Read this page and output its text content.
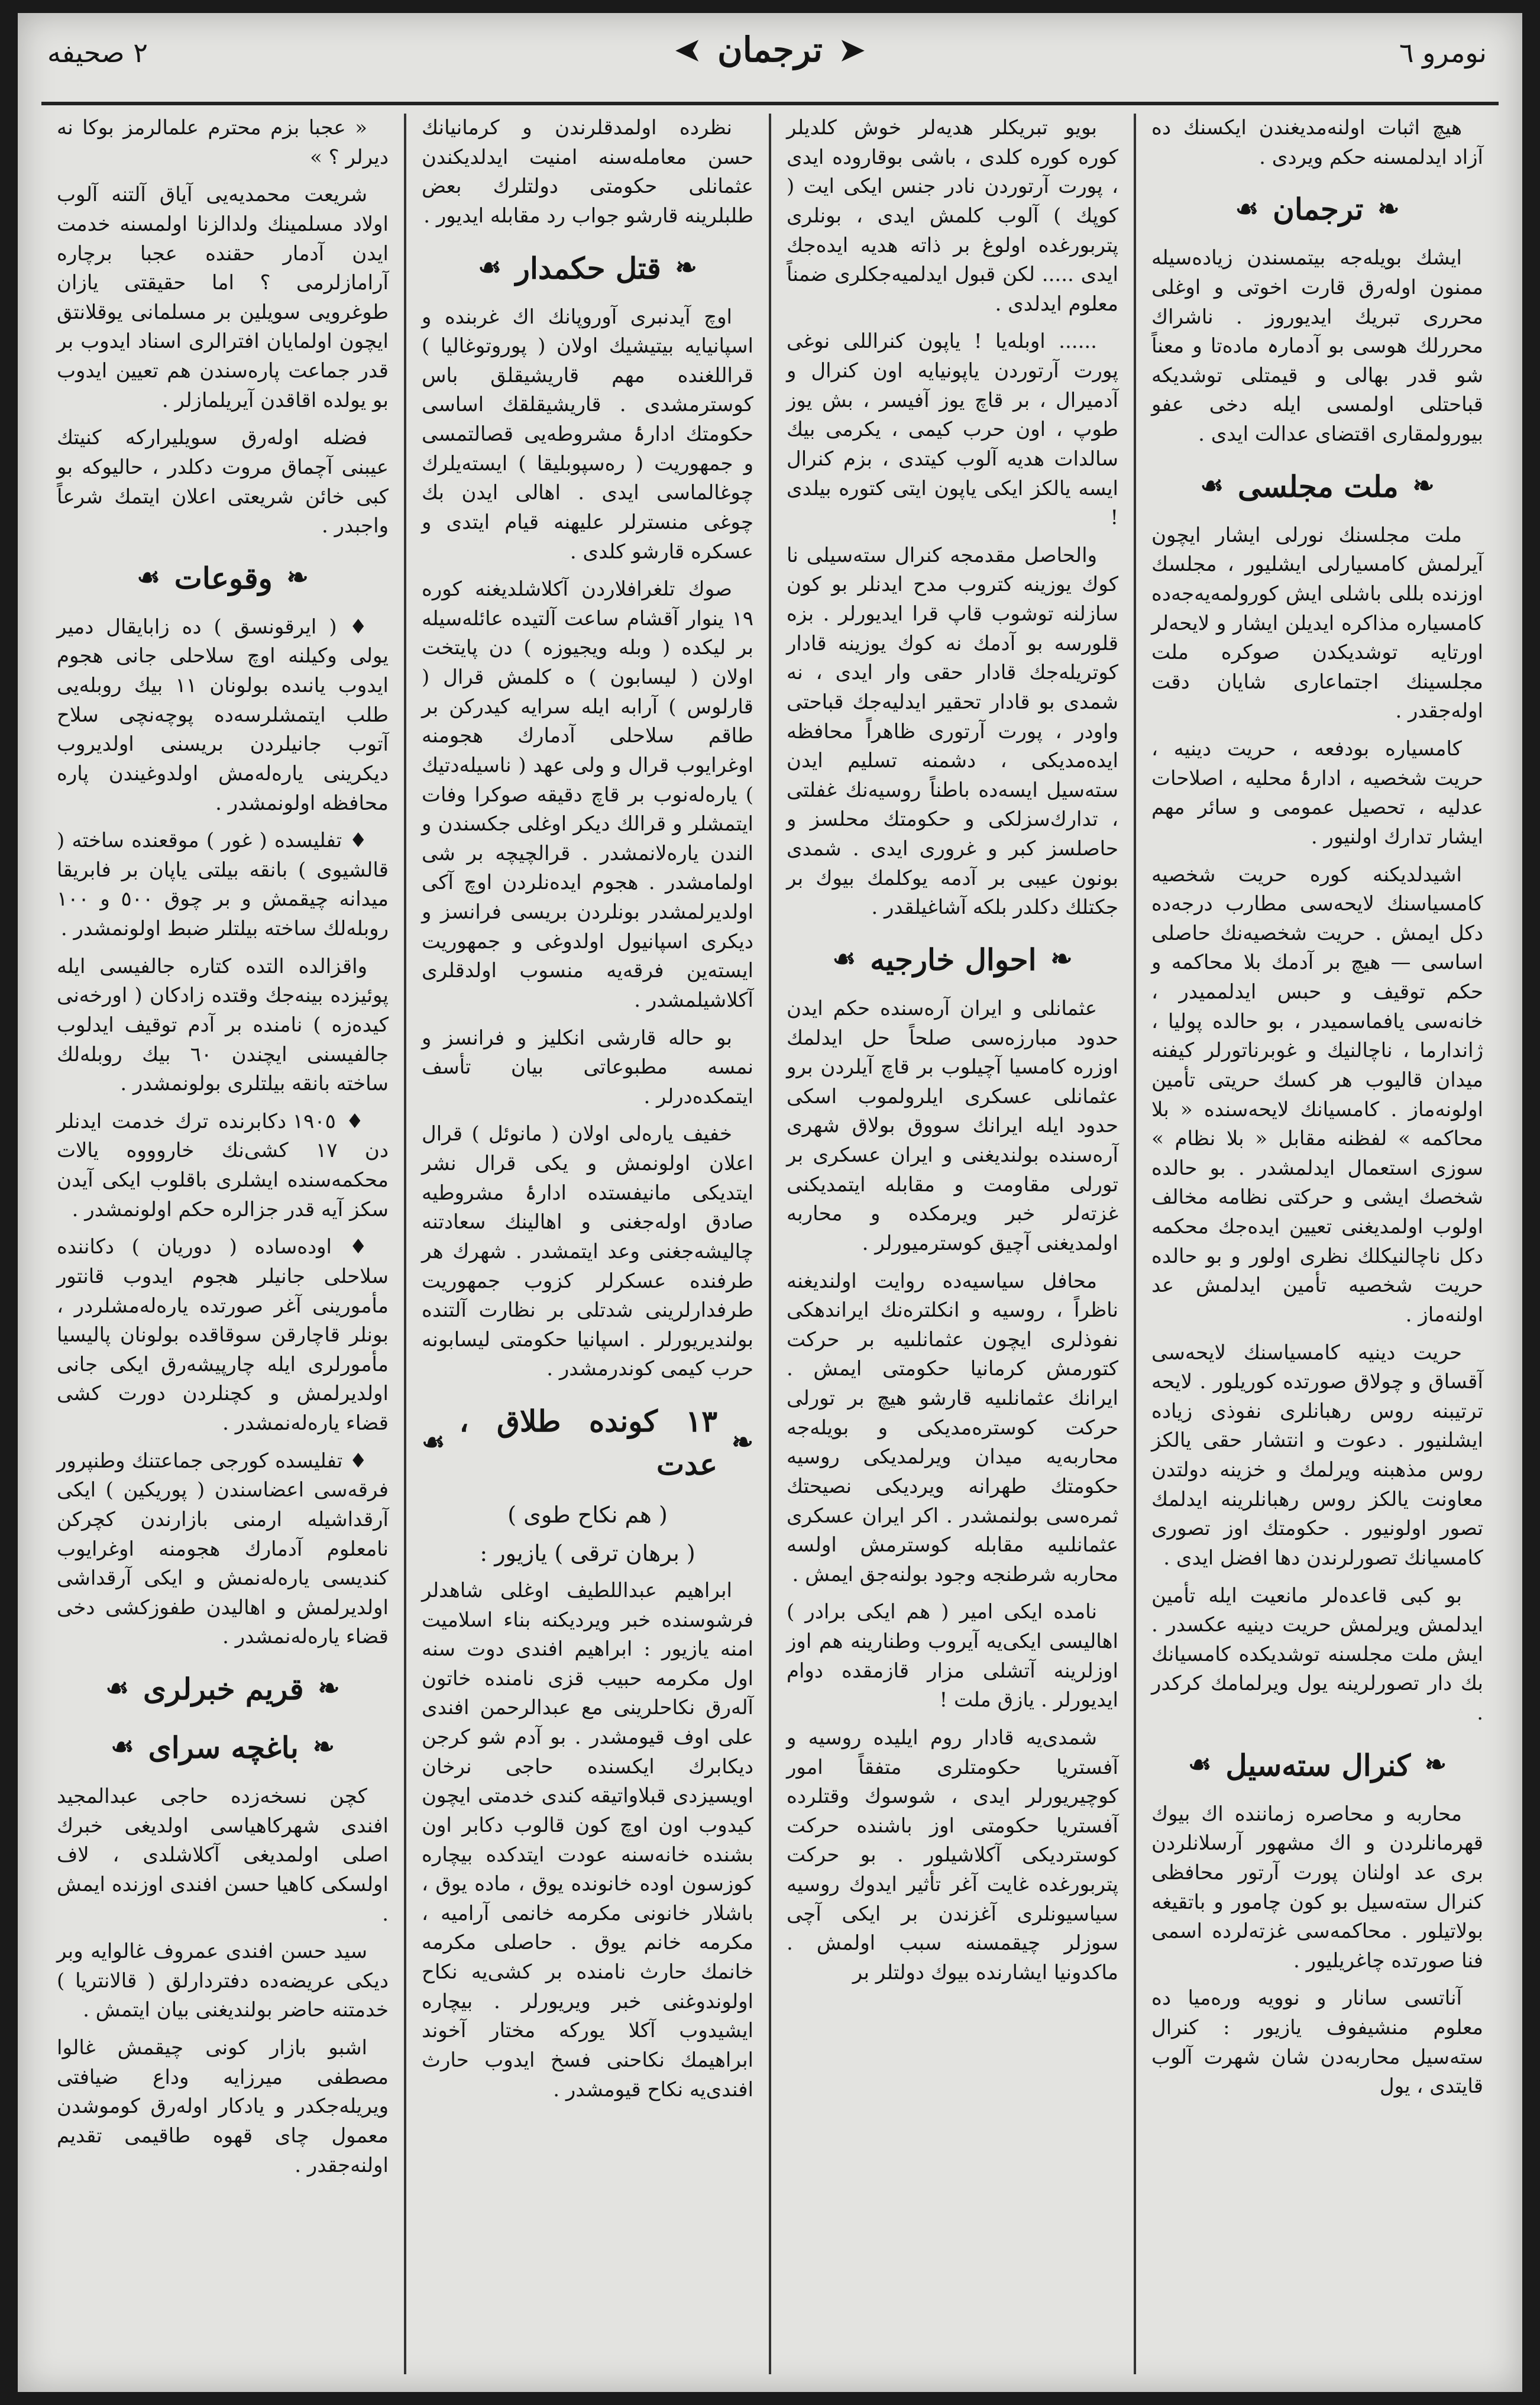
٢ صحيفه	➤
ترجمان
➤	نومرو ٦

هيچ اثبات اولنه‌مديغندن ايكسنك ده آزاد ايدلمسنه حكم ويردى .

❧
ترجمان
☙

ايشك بويله‌جه بيتمسندن زياده‌سيله ممنون اولەرق قارت اخوتى و اوغلى محررى تبريك ايديوروز . ناشراك محررلك هوسى بو آدمارہ ماده‌تا و معناً شو قدر بهالى و قيمتلى توشديكه قباحتلى اولمسى ايله دخى عفو بيورولمقارى اقتضاى عدالت ايدى .

❧
ملت مجلسى
☙

ملت مجلسنك نورلى ايشار ايچون آيرلمش كامسيارلى ايشليور ، مجلسك اوزنده بللى باشلى ايش كورولمه‌يه‌جه‌ده كامسياره مذاكره ايديلن ايشار و لايحه‌لر اورتايه توشديكدن صوكره ملت مجلسينك اجتماعارى شايان دقت اوله‌جقدر .

كامسياره بودفعه ، حريت دينيه ، حريت شخصيه ، ادارۂ محليه ، اصلاحات عدليه ، تحصيل عمومى و سائر مهم ايشار تدارك اولنيور .

اشيدلديكنه كوره حريت شخصيه كامسياسنك لايحه‌سى مطارب درجه‌ده دكل ايمش . حريت شخصيه‌نك حاصلى اساسى — هيچ بر آدمك بلا محاكمه و حكم توقيف و حبس ايدلمميدر ، خانه‌سى يافماسميدر ، بو حالده پوليا ، ژاندارما ، ناچالنيك و غوبرناتورلر كيفنه ميدان قاليوب هر كسك حريتى تأمين اولونه‌ماز . كامسيانك لايحه‌سنده « بلا محاكمه » لفظنه مقابل « بلا نظام » سوزى استعمال ايدلمشدر . بو حالده شخصك ايشى و حركتى نظامه مخالف اولوب اولمديغنى تعيين ايده‌جك محكمه دكل ناچالنيكلك نظرى اولور و بو حالده حريت شخصيه تأمين ايدلمش عد اولنه‌ماز .

حريت دينيه كامسياسنك لايحه‌سى آقساق و چولاق صورتده كوريلور . لايحه ترتيبنه روس رهبانلرى نفوذى زياده ايشلنيور . دعوت و انتشار حقى يالكز روس مذهبنه ويرلمك و خزينه دولتدن معاونت يالكز روس رهبانلرينه ايدلمك تصور اولونيور . حكومتك اوز تصورى كامسيانك تصورلرندن دها افضل ايدى .

بو كبى قاعده‌لر مانعيت ايله تأمين ايدلمش ويرلمش حريت دينيه عكسدر . ايش ملت مجلسنه توشديكده كامسيانك بك دار تصورلرينه يول ويرلمامك كركدر .

❧
كنرال ستەسيل
☙

محاربه و محاصره زماننده اك بيوك قهرمانلردن و اك مشهور آرسلانلردن برى عد اولنان پورت آرتور محافظى كنرال ستەسيل بو كون چامور و باتقيغه بولاتيلور . محاكمه‌سى غزته‌لرده اسمى فنا صورتده چاغريليور .

آناتسى سانار و نوويه ورەميا ده معلوم منشيفوف يازيور : كنرال ستەسيل محاربه‌دن شان شهرت آلوب قايتدى ، يول

بويو تبريكلر هديه‌لر خوش كلديلر كوره كوره كلدى ، باشى بوقاروده ايدى ، پورت آرتوردن نادر جنس ايكى ايت ( كوپك ) آلوب كلمش ايدى ، بونلرى پتربورغده اولوغ بر ذاته هديه ايده‌جك ايدى ..... لكن قبول ايدلميه‌جكلرى ضمناً معلوم ايدلدى .

...... اوبله‌يا ! ياپون كنراللى نوغى پورت آرتوردن ياپونيايه اون كنرال و آدميرال ، بر قاچ يوز آفيسر ، بش يوز طوپ ، اون حرب كيمى ، يكرمى بيك سالدات هديه آلوب كيتدى ، بزم كنرال ايسه يالكز ايكى ياپون ايتى كتوره بيلدى !

والحاصل مقدمجه كنرال ستەسيلى نا كوك يوزينه كتروب مدح ايدنلر بو كون سازلنه توشوب قاپ قرا ايديورلر . بزه قلورسه بو آدمك نه كوك يوزينه قادار كوتريله‌جك قادار حقى وار ايدى ، نه شمدى بو قادار تحقير ايدليه‌جك قباحتى واودر ، پورت آرتورى ظاهراً محافظه ايده‌مديكى ، دشمنه تسليم ايدن ستەسيل ايسه‌ده باطناً روسيه‌نك غفلتى ، تدارك‌سزلكى و حكومتك محلسز و حاصلسز كبر و غرورى ايدى . شمدى بونون عيبى بر آدمه يوكلمك بيوك بر جكتلك دكلدر بلكه آشاغيلقدر .

❧
احوال خارجيه
☙

عثمانلى و ايران آرەسنده حكم ايدن حدود مبارزه‌سى صلحاً حل ايدلمك اوزره كامسيا آچيلوب بر قاچ آيلردن برو عثمانلى عسكرى ايلرولموب اسكى حدود ايله ايرانك سووق بولاق شهرى آرەسنده بولنديغنى و ايران عسكرى بر تورلى مقاومت و مقابله ايتمديكنى غزته‌لر خبر ويرمكده و محاربه اولمديغنى آچيق كوسترميورلر .

محافل سياسيه‌ده روايت اولنديغنه ناظراً ، روسيه و انكلتره‌نك ايراندهكى نفوذلرى ايچون عثمانلىيه بر حركت كتورمش كرمانيا حكومتى ايمش . ايرانك عثمانلىيه قارشو هيچ بر تورلى حركت كوستره‌مديكى و بويله‌جه محاربه‌يه ميدان ويرلمديكى روسيه حكومتك طهرانه ويرديكى نصيحتك ثمره‌سى بولنمشدر . اكر ايران عسكرى عثمانلىيه مقابله كوسترمش اولسه محاربه شرطنجه وجود بولنه‌جق ايمش .

نامده ايكى امير ( هم ايكى برادر ) اهاليسى ايكى‌يه آيروب وطنارينه هم اوز اوزلرينه آتشلى مزار قازمقده دوام ايديورلر . يازق ملت !

شمدى‌يه قادار روم ايليده روسيه و آفستريا حكومتلرى متفقاً امور كوچيريورلر ايدى ، شوسوك وقتلرده آفستريا حكومتى اوز باشنده حركت كوسترديكى آكلاشيلور . بو حركت پتربورغده غايت آغر تأثير ايدوك روسيه سياسيونلرى آغزندن بر ايكى آچى سوزلر چيقمسنه سبب اولمش . ماكدونيا ايشارنده بيوك دولتلر بر

نظرده اولمدقلرندن و كرمانيانك حسن معامله‌سنه امنيت ايدلديكندن عثمانلى حكومتى دولتلرك بعض طلبلرينه قارشو جواب رد مقابله ايديور .

❧
قتل حكمدار
☙

اوچ آيدنبرى آوروپانك اك غربنده و اسپانيايه بيتيشيك اولان ( پوروتوغاليا ) قراللغنده مهم قاريشيقلق باس كوسترمشدى . قاريشيقلقك اساسى حكومتك ادارۂ مشروطه‌يى قصالتمسى و جمهوريت ( رەسپوبليقا ) ايستەيلرك چوغالماسى ايدى . اهالى ايدن بك چوغى منسترلر عليهنه قيام ايتدى و عسكره قارشو كلدى .

صوك تلغرافلاردن آكلاشلديغنه كوره ١٩ ينوار آقشام ساعت آلتيده عائله‌سيله بر ليكده ( وبلە ويجيوزە ) دن پايتخت اولان ( ليسابون ) ە كلمش قرال ( قارلوس ) آرابه ايله سرايه كيدركن بر طاقم سلاحلى آدمارك هجومنه اوغرايوب قرال و ولى عهد ( ناسيله‌دتيك ) يارەلەنوب بر قاچ دقيقه صوكرا وفات ايتمشلر و قرالك ديكر اوغلى جكسندن و الندن يارەلانمشدر . قرالچيچه بر شى اولمامشدر . هجوم ايده‌نلردن اوچ آكى اولديرلمشدر بونلردن بريسى فرانسز و ديكرى اسپانيول اولدوغى و جمهوريت ايستەين فرقه‌يه منسوب اولدقلرى آكلاشيلمشدر .

بو حاله قارشى انكليز و فرانسز و نمسه مطبوعاتى بيان تأسف ايتمكده‌درلر .

خفيف يارەلى اولان ( مانوئل ) قرال اعلان اولونمش و يكى قرال نشر ايتديكى مانيفستده ادارۂ مشروطيه صادق اوله‌جغنى و اهالينك سعادتنه چاليشه‌جغنى وعد ايتمشدر . شهرك هر طرفنده عسكرلر كزوب جمهوريت طرفدارلرينى شدتلى بر نظارت آلتنده بولنديريورلر . اسپانيا حكومتى ليسابونه حرب كيمى كوندرمشدر .

❧
١٣ كونده طلاق ، عدت
☙
( هم نكاح طوى )
( برهان ترقى ) يازيور :

ابراهيم عبداللطيف اوغلى شاهدلر فرشوسنده خبر ويرديكنه بناء اسلاميت امنه يازيور : ابراهيم افندى دوت سنه اول مكرمه حبيب قزى نامنده خاتون آلەرق نكاحلرينى مع عبدالرحمن افندى على اوف قيومشدر . بو آدم شو كرجن ديكابرك ايكسنده حاجى نرخان اويسيزدى قبلاواتيقه كندى خدمتى ايچون كيدوب اون اوچ كون قالوب دكابر اون بشنده خانه‌سنه عودت ايتدكده بيچاره كوزسون اوده خانونده يوق ، ماده يوق ، باشلار خانونى مكرمه خانمى آراميه ، مكرمه خانم يوق . حاصلى مكرمه خانمك حارث نامنده بر كشى‌يه نكاح اولوندوغنى خبر ويريورلر . بيچاره ايشيدوب آكلا يوركه مختار آخوند ابراهيمك نكاحنى فسخ ايدوب حارث افندى‌يه نكاح قيومشدر .

« عجبا بزم محترم علمالرمز بوكا نه ديرلر ؟ »

شريعت محمديه‌يى آياق آلتنه آلوب اولاد مسلمينك ولدالزنا اولمسنه خدمت ايدن آدمار حقنده عجبا برچاره آرامازلرمى ؟ اما حقيقتى يازان طوغرويى سويلين بر مسلمانى يوقلانتق ايچون اولمايان افترالرى اسناد ايدوب بر قدر جماعت پاره‌سندن هم تعيين ايدوب بو يولده اقاقدن آيريلمازلر .

فضله اولەرق سويليرارکه كنيتك عيبنى آچماق مروت دكلدر ، حاليوكه بو كبى خائن شريعتى اعلان ايتمك شرعاً واجبدر .

❧
وقوعات
☙

♦ ( ايرقونسق ) ده زابايقال دمير يولى وكيلنه اوچ سلاحلى جانى هجوم ايدوب يانىده بولونان ١١ بيك روبله‌يى طلب ايتمشلرسه‌ده پوچه‌نچى سلاح آتوب جانيلردن بريسنى اولديروب ديكرينى يارەلەمش اولدوغيندن پاره محافظه اولونمشدر .

♦ تفليسده ( غور ) موقعنده ساخته ( قالشيوى ) بانقه بيلتى ياپان بر فابريقا ميدانه چيقمش و بر چوق ٥٠٠ و ١٠٠ روبله‌لك ساخته بيلتلر ضبط اولونمشدر .

واقزالده التده كتاره جالفيسى ايله پوئيزده بينه‌جك وقتده زادكان ( اورخه‌نى كيدەزه ) نامنده بر آدم توقيف ايدلوب جالفيسنى ايچندن ٦٠ بيك روبله‌لك ساخته بانقه بيلتلرى بولونمشدر .

♦ ١٩٠٥ دكابرنده ترك خدمت ايدنلر دن ١٧ كشى‌نك خاروووه يالات محكمه‌سنده ايشلرى باقلوب ايكى آيدن سكز آيه قدر جزالره حكم اولونمشدر .

♦ اودەساده ( دوريان ) دكاننده سلاحلى جانيلر هجوم ايدوب قانتور مأمورينى آغر صورتده يارەلەمشلردر ، بونلر قاچارقن سوقاقده بولونان پاليسيا مأمورلرى ايله چارپيشه‌رق ايكى جانى اولديرلمش و كچنلردن دورت كشى قضاء يارەلەنمشدر .

♦ تفليسده كورجى جماعتنك وطنپرور فرقه‌سى اعضاسندن ( پوريكين ) ايكى آرقداشيله ارمنى بازارندن كچركن نامعلوم آدمارك هجومنه اوغرايوب كنديسى يارەلەنمش و ايكى آرقداشى اولديرلمش و اهاليدن طفوزكشى دخى قضاء يارەلەنمشدر .

❧
قريم خبرلرى
☙
❧
باغچه سراى
☙

كچن نسخه‌زده حاجى عبدالمجيد افندى شهركاهياسى اولديغى خبرك اصلى اولمديغى آكلاشلدى ، لاف اولسكى كاهيا حسن افندى اوزنده ايمش .

سيد حسن افندى عمروف غالوايه وبر ديكى عريضه‌ده دفتردارلق ( قالانتريا ) خدمتنه حاضر بولنديغنى بيان ايتمش .

اشبو بازار كونى چيقمش غالوا مصطفى ميرزايه وداع ضيافتى ويريله‌جكدر و يادكار اولەرق كوموشدن معمول چاى قهوه طاقيمى تقديم اولنه‌جقدر .
